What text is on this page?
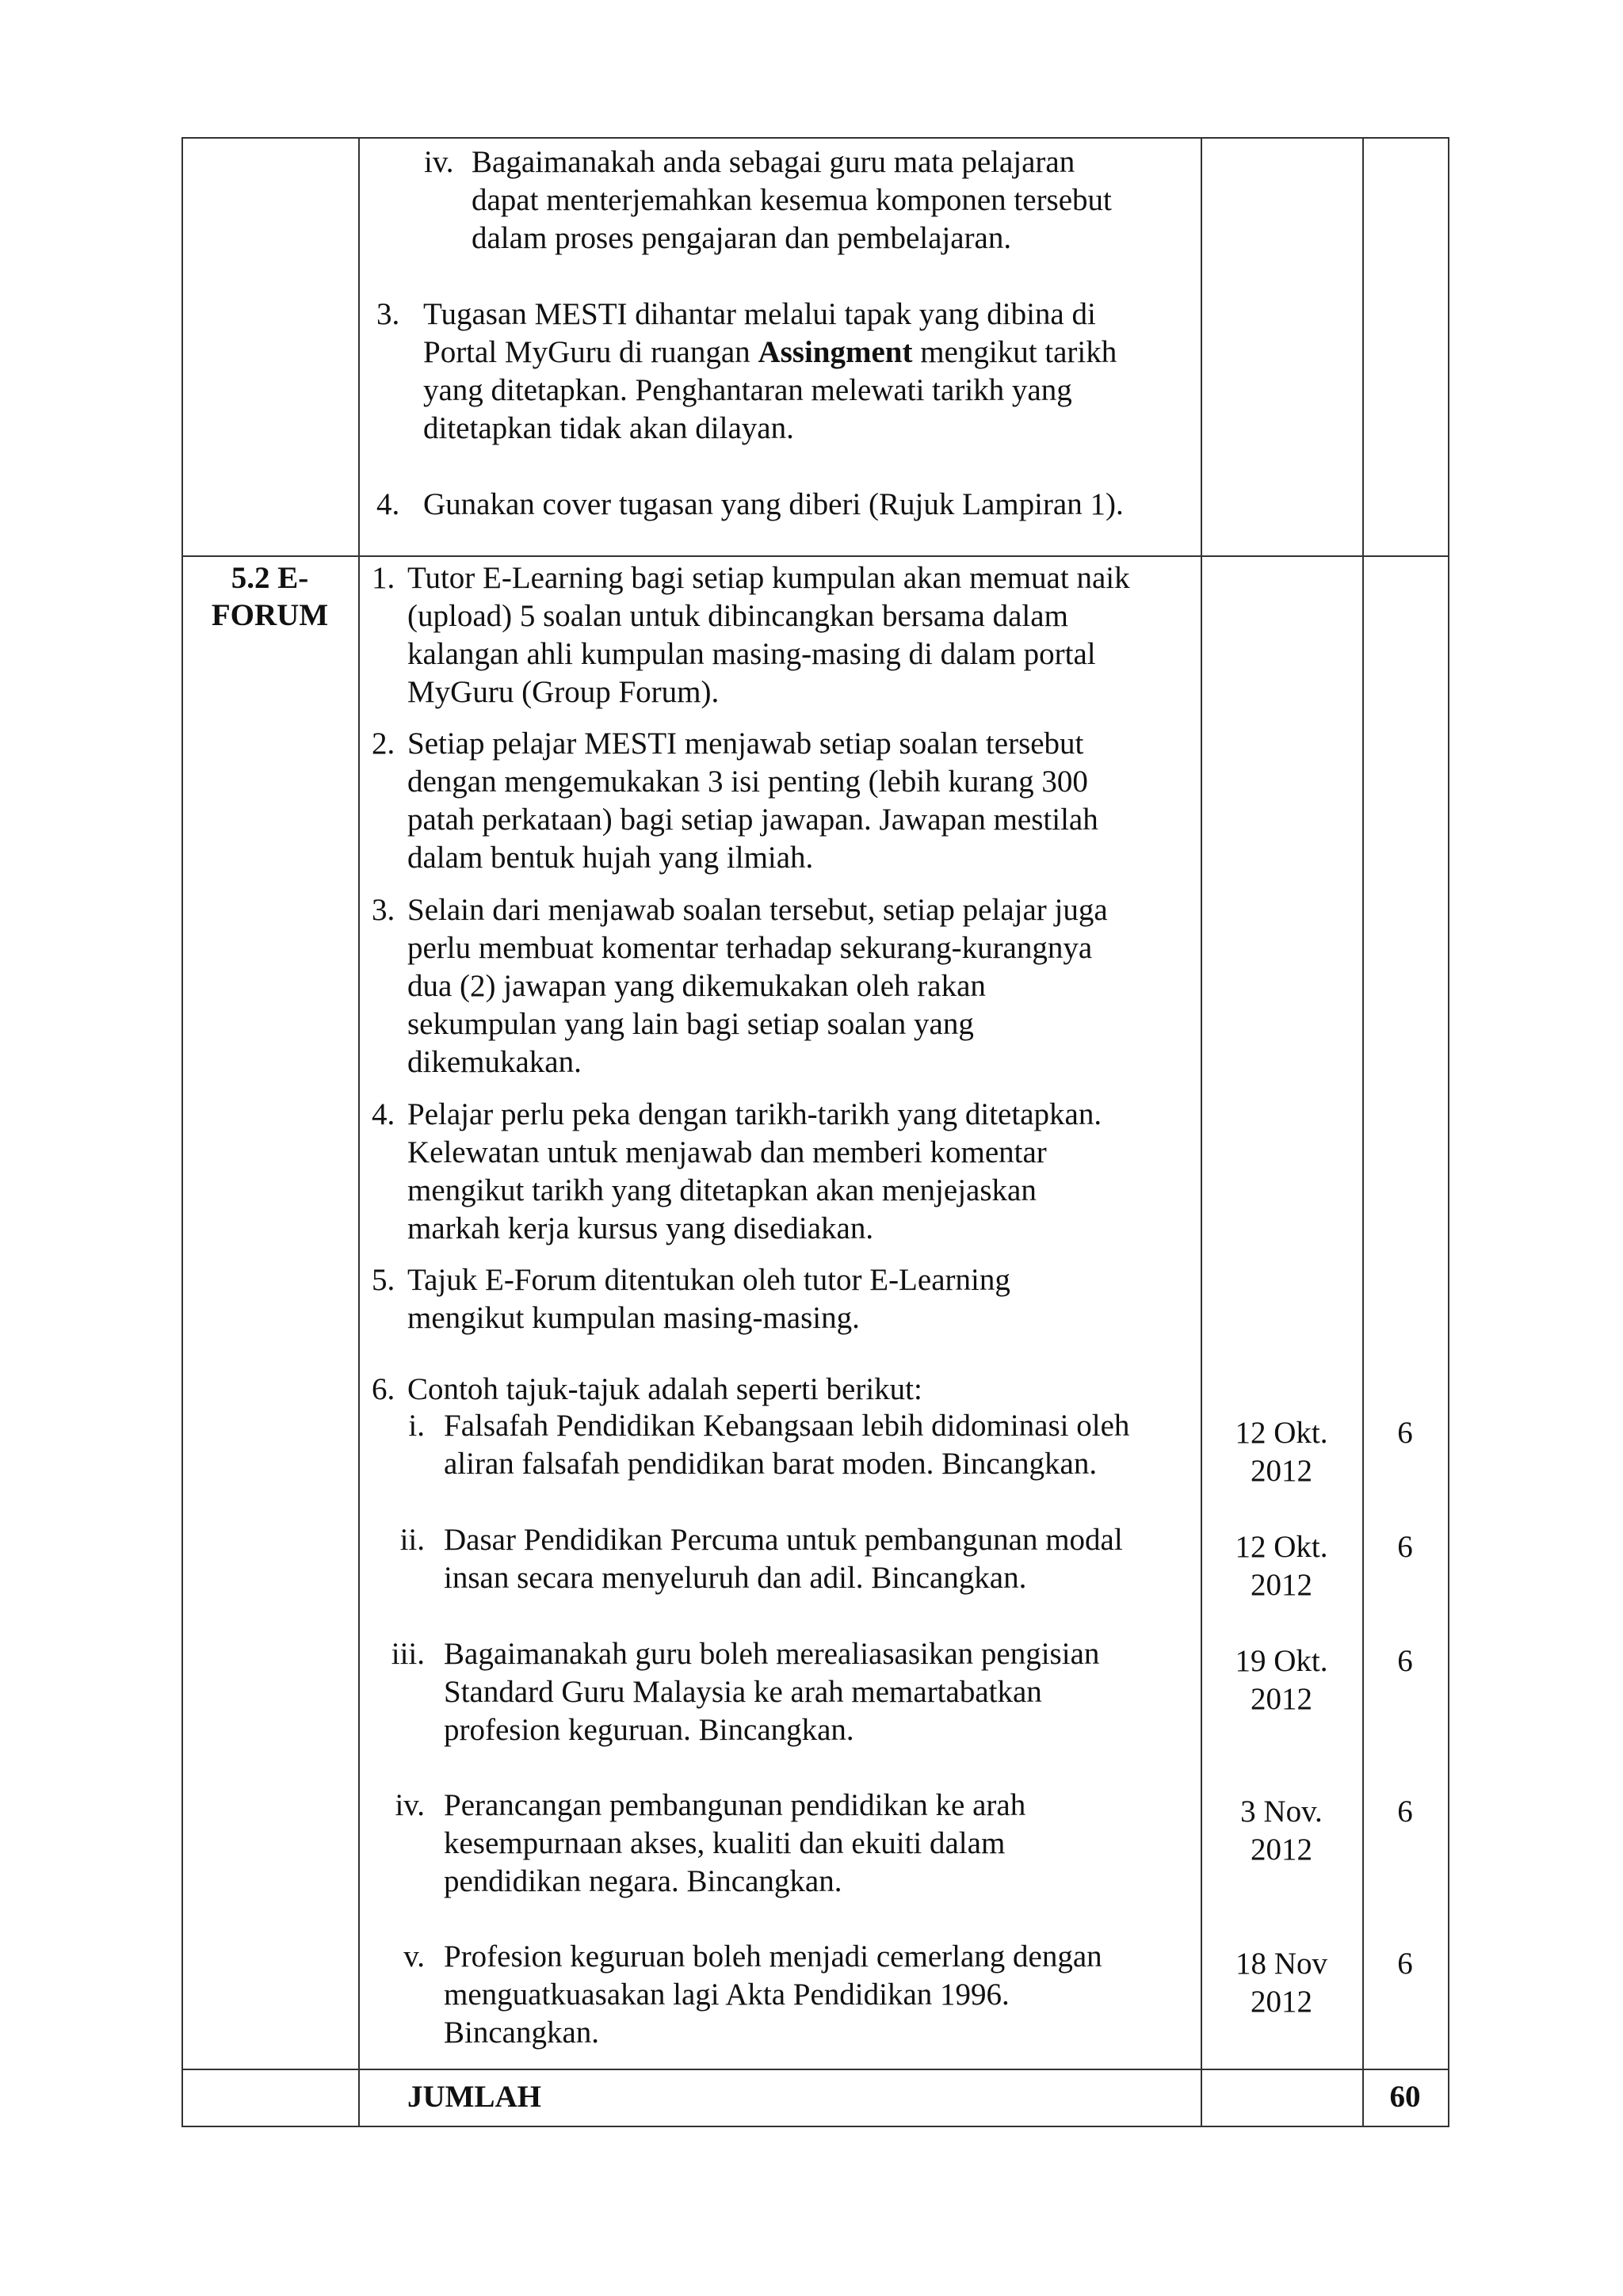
iv. Bagaimanakah anda sebagai guru mata pelajaran
dapat menterjemahkan kesemua komponen tersebut
dalam proses pengajaran dan pembelajaran.
3. Tugasan MESTI dihantar melalui tapak yang dibina di
Portal MyGuru di ruangan Assingment mengikut tarikh
yang ditetapkan. Penghantaran melewati tarikh yang
ditetapkan tidak akan dilayan.
4. Gunakan cover tugasan yang diberi (Rujuk Lampiran 1).
5.2 E-
FORUM
1. Tutor E-Learning bagi setiap kumpulan akan memuat naik
(upload) 5 soalan untuk dibincangkan bersama dalam
kalangan ahli kumpulan masing-masing di dalam portal
MyGuru (Group Forum).
2. Setiap pelajar MESTI menjawab setiap soalan tersebut
dengan mengemukakan 3 isi penting (lebih kurang 300
patah perkataan) bagi setiap jawapan. Jawapan mestilah
dalam bentuk hujah yang ilmiah.
3. Selain dari menjawab soalan tersebut, setiap pelajar juga
perlu membuat komentar terhadap sekurang-kurangnya
dua (2) jawapan yang dikemukakan oleh rakan
sekumpulan yang lain bagi setiap soalan yang
dikemukakan.
4. Pelajar perlu peka dengan tarikh-tarikh yang ditetapkan.
Kelewatan untuk menjawab dan memberi komentar
mengikut tarikh yang ditetapkan akan menjejaskan
markah kerja kursus yang disediakan.
5. Tajuk E-Forum ditentukan oleh tutor E-Learning
mengikut kumpulan masing-masing.
6. Contoh tajuk-tajuk adalah seperti berikut:
i. Falsafah Pendidikan Kebangsaan lebih didominasi oleh
aliran falsafah pendidikan barat moden. Bincangkan.
12 Okt.
2012
6
ii. Dasar Pendidikan Percuma untuk pembangunan modal
insan secara menyeluruh dan adil. Bincangkan.
12 Okt.
2012
6
iii. Bagaimanakah guru boleh merealiasasikan pengisian
Standard Guru Malaysia ke arah memartabatkan
profesion keguruan. Bincangkan.
19 Okt.
2012
6
iv. Perancangan pembangunan pendidikan ke arah
kesempurnaan akses, kualiti dan ekuiti dalam
pendidikan negara. Bincangkan.
3 Nov.
2012
6
v. Profesion keguruan boleh menjadi cemerlang dengan
menguatkuasakan lagi Akta Pendidikan 1996.
Bincangkan.
18 Nov
2012
6
JUMLAH	60
